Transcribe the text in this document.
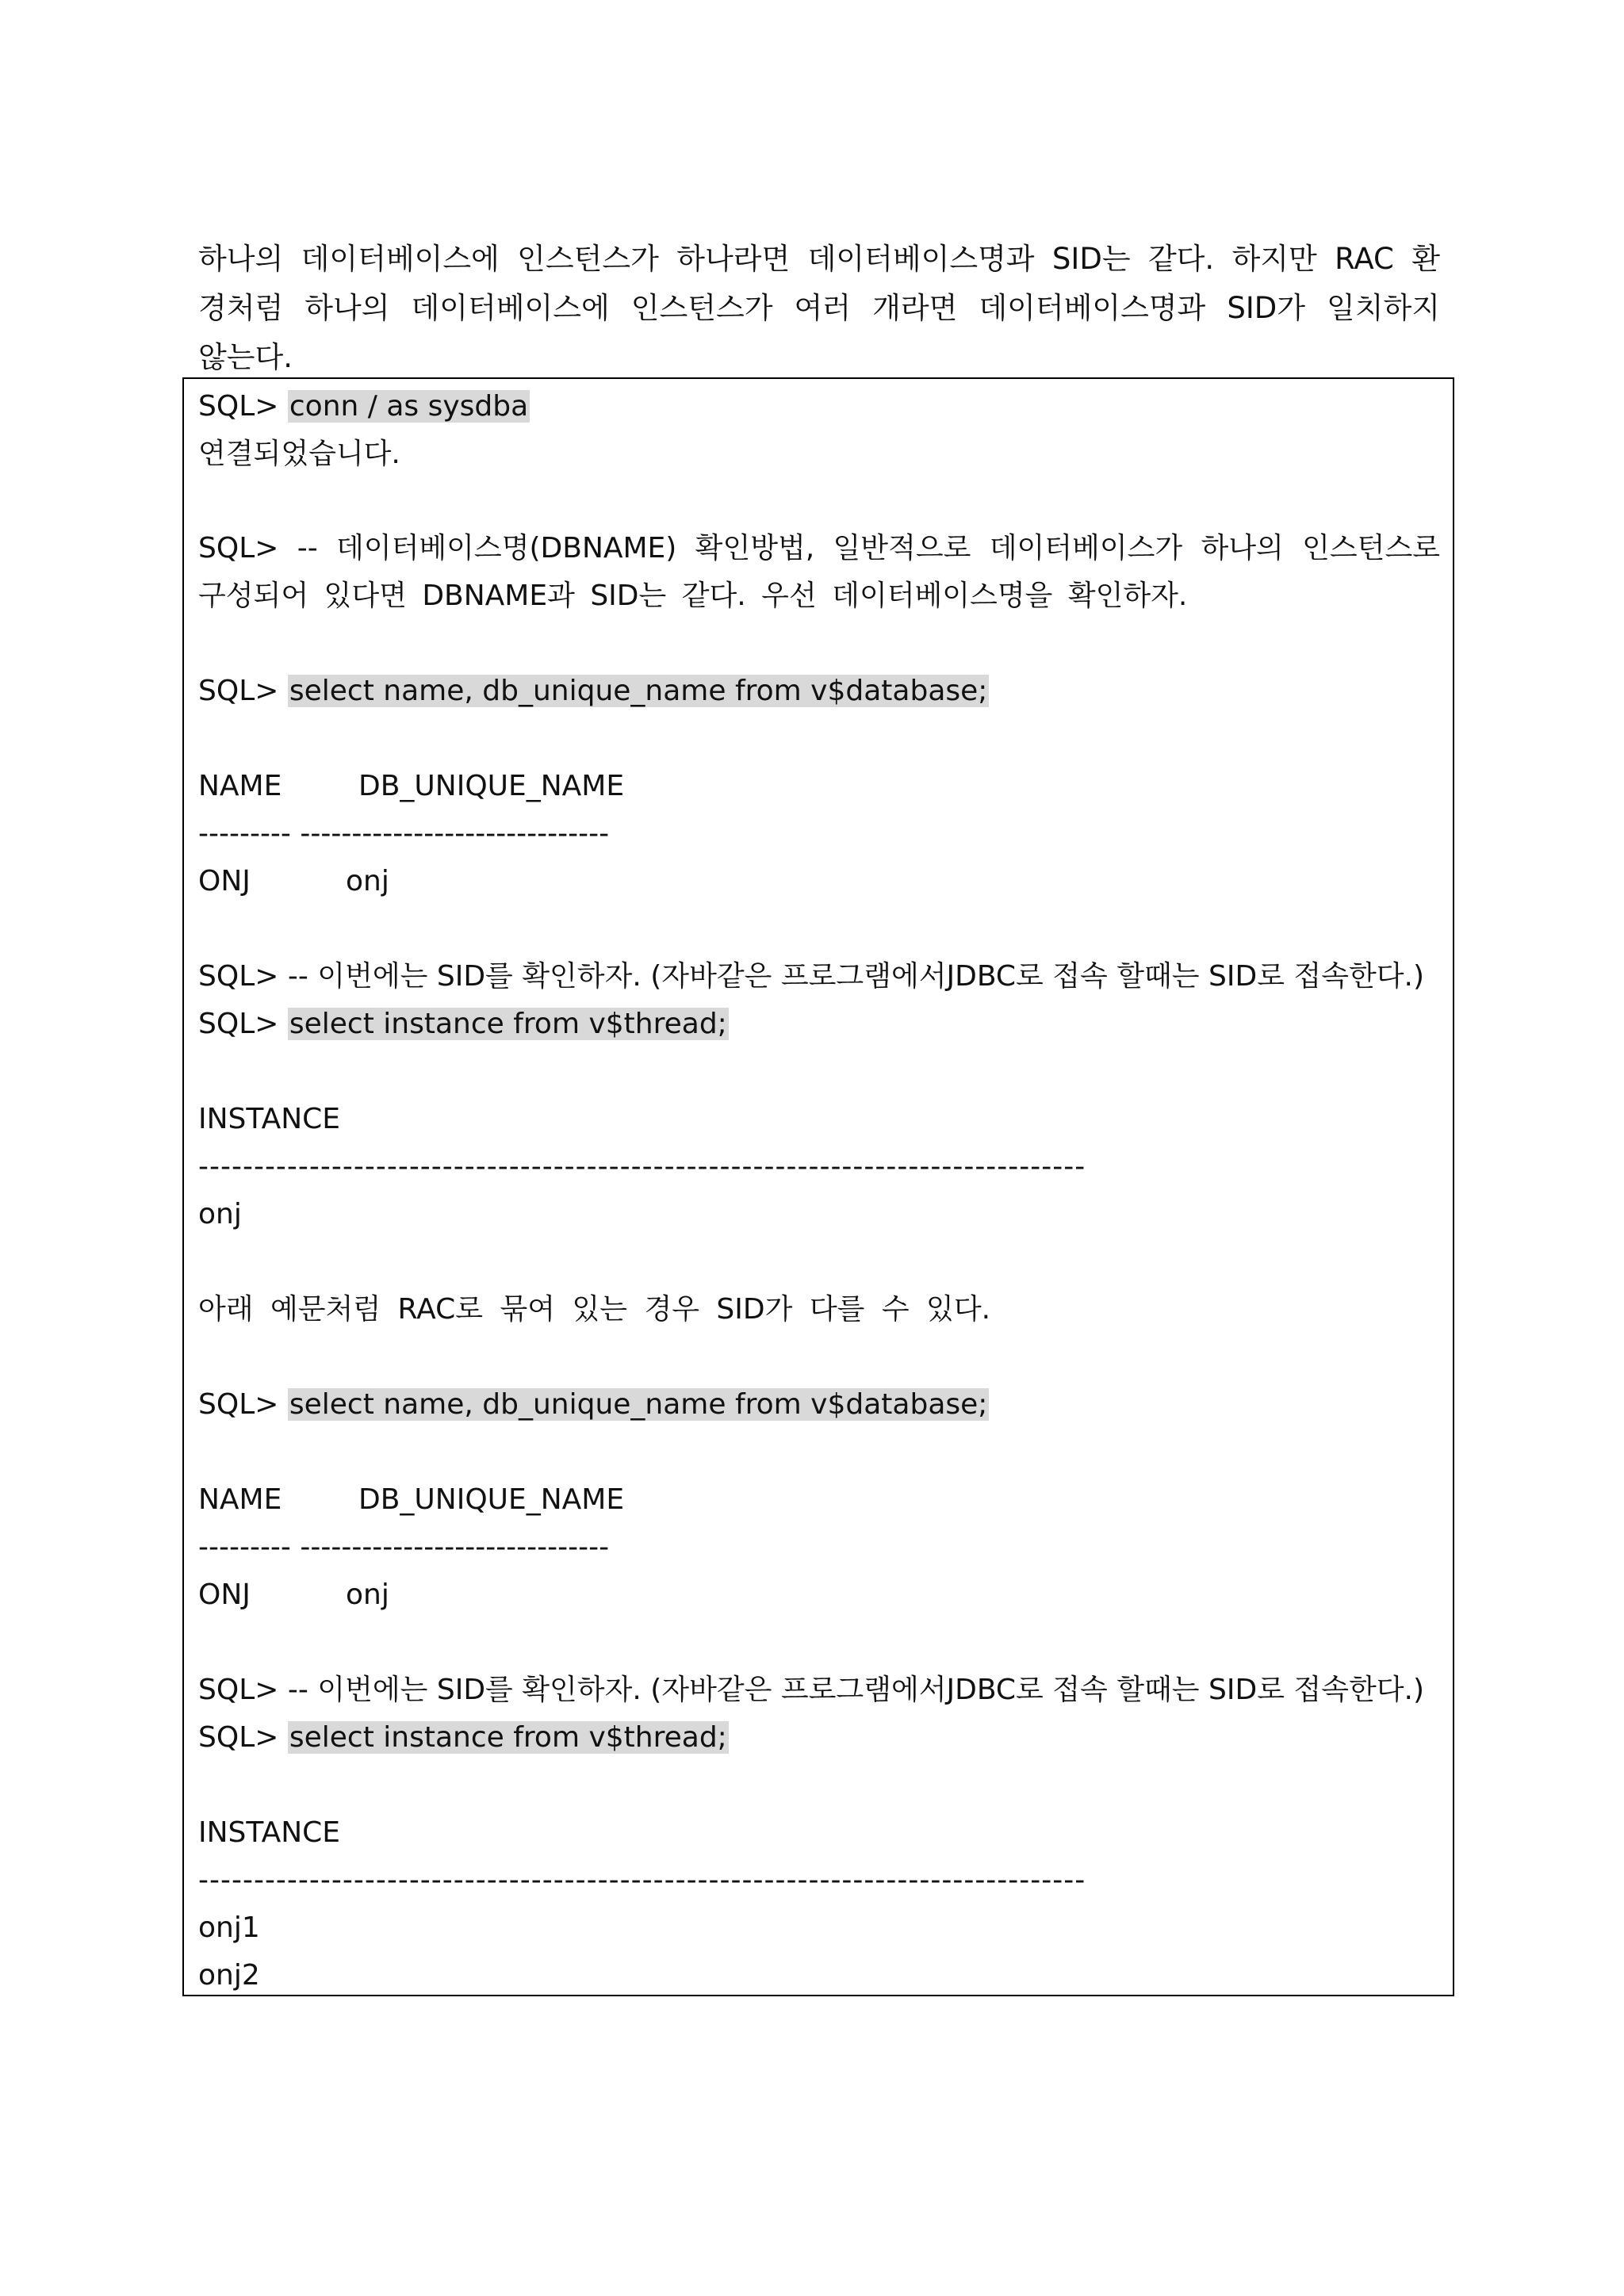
하나의 데이터베이스에 인스턴스가 하나라면 데이터베이스명과 SID는 같다. 하지만 RAC 환경처럼 하나의 데이터베이스에 인스턴스가 여러 개라면 데이터베이스명과 SID가 일치하지 않는다.

SQL> conn / as sysdba
연결되었습니다.

SQL> -- 데이터베이스명(DBNAME) 확인방법, 일반적으로 데이터베이스가 하나의 인스턴스로 구성되어 있다면 DBNAME과 SID는 같다. 우선 데이터베이스명을 확인하자.

SQL> select name, db_unique_name from v$database;
NAME	DB_UNIQUE_NAME
--------- ------------------------------
ONJ	onj
SQL> -- 이번에는 SID를 확인하자. (자바같은 프로그램에서JDBC로 접속 할때는 SID로 접속한다.)
SQL> select instance from v$thread;
INSTANCE
--------------------------------------------------------------------------------
onj
아래 예문처럼 RAC로 묶여 있는 경우 SID가 다를 수 있다.
SQL> select name, db_unique_name from v$database;
NAME	DB_UNIQUE_NAME
--------- ------------------------------
ONJ	onj
SQL> -- 이번에는 SID를 확인하자. (자바같은 프로그램에서JDBC로 접속 할때는 SID로 접속한다.)
SQL> select instance from v$thread;
INSTANCE
--------------------------------------------------------------------------------
onj1
onj2
